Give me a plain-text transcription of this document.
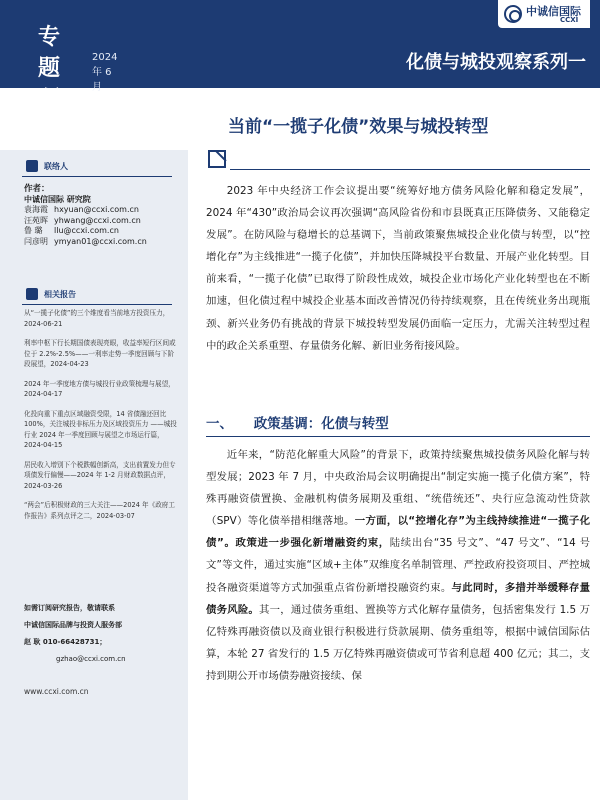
专题研究
2024 年 6 月
中诚信国际
CCXI
化债与城投观察系列一
当前“一揽子化债”效果与城投转型
联络人
作者：
中诚信国际 研究院
袁海霞 hxyuan@ccxi.com.cn
汪苑晖 yhwang@ccxi.com.cn
鲁 璐	llu@ccxi.com.cn
闫彦明 ymyan01@ccxi.com.cn
相关报告
从“一揽子化债”的三个维度看当前地方投资压力，2024-06-21
利率中枢下行长期国债表现亮眼，收益率短行区间或位于 2.2%-2.5%——一利率走势一季度回顾与下阶段展望，2024-04-23
2024 年一季度地方债与城投行业政策梳理与展望，2024-04-17
化投向重下重点区域融资受限，14 省债融还回比 100%，关注城投非标压力及区域投资压力 ——城投行业 2024 年一季度回顾与展望之市场运行篇，2024-04-15
居民收入增别下个税跌幅创新高，支出前置发力但专项债发行偏慢——2024 年 1-2 月财政数据点评，2024-03-26
“两会”后积极财政的三大关注——2024 年《政府工作报告》系列点评之二，2024-03-07
如需订阅研究报告，敬请联系
中诚信国际品牌与投资人服务部
赵 耿 010-66428731；
gzhao@ccxi.com.cn
www.ccxi.com.cn
2023 年中央经济工作会议提出要“统筹好地方债务风险化解和稳定发展”，2024 年“430”政治局会议再次强调“高风险省份和市县既真正压降债务、又能稳定发展”。在防风险与稳增长的总基调下，当前政策聚焦城投企业化债与转型，以“控增化存”为主线推进“一揽子化债”，并加快压降城投平台数量、开展产业化转型。目前来看，“一揽子化债”已取得了阶段性成效，城投企业市场化产业化转型也在不断加速，但化债过程中城投企业基本面改善情况仍待持续观察，且在传统业务出现瓶颈、新兴业务仍有挑战的背景下城投转型发展仍面临一定压力，尤需关注转型过程中的政企关系重塑、存量债务化解、新旧业务衔接风险。
一、 政策基调：化债与转型
近年来，“防范化解重大风险”的背景下，政策持续聚焦城投债务风险化解与转型发展；2023 年 7 月，中央政治局会议明确提出“制定实施一揽子化债方案”，特殊再融资债置换、金融机构债务展期及重组、“统借统还”、央行应急流动性贷款（SPV）等化债举措相继落地。一方面，以“控增化存”为主线持续推进“一揽子化债”。政策进一步强化新增融资约束，陆续出台“35 号文”、“47 号文”、“14 号文”等文件，通过实施“区域+主体”双维度名单制管理、严控政府投资项目、严控城投各融资渠道等方式加强重点省份新增投融资约束。与此同时，多措并举缓释存量债务风险。其一，通过债务重组、置换等方式化解存量债务，包括密集发行 1.5 万亿特殊再融资债以及商业银行积极进行贷款展期、债务重组等，根据中诚信国际估算，本轮 27 省发行的 1.5 万亿特殊再融资债或可节省利息超 400 亿元；其二，支持到期公开市场债券融资接续、保
